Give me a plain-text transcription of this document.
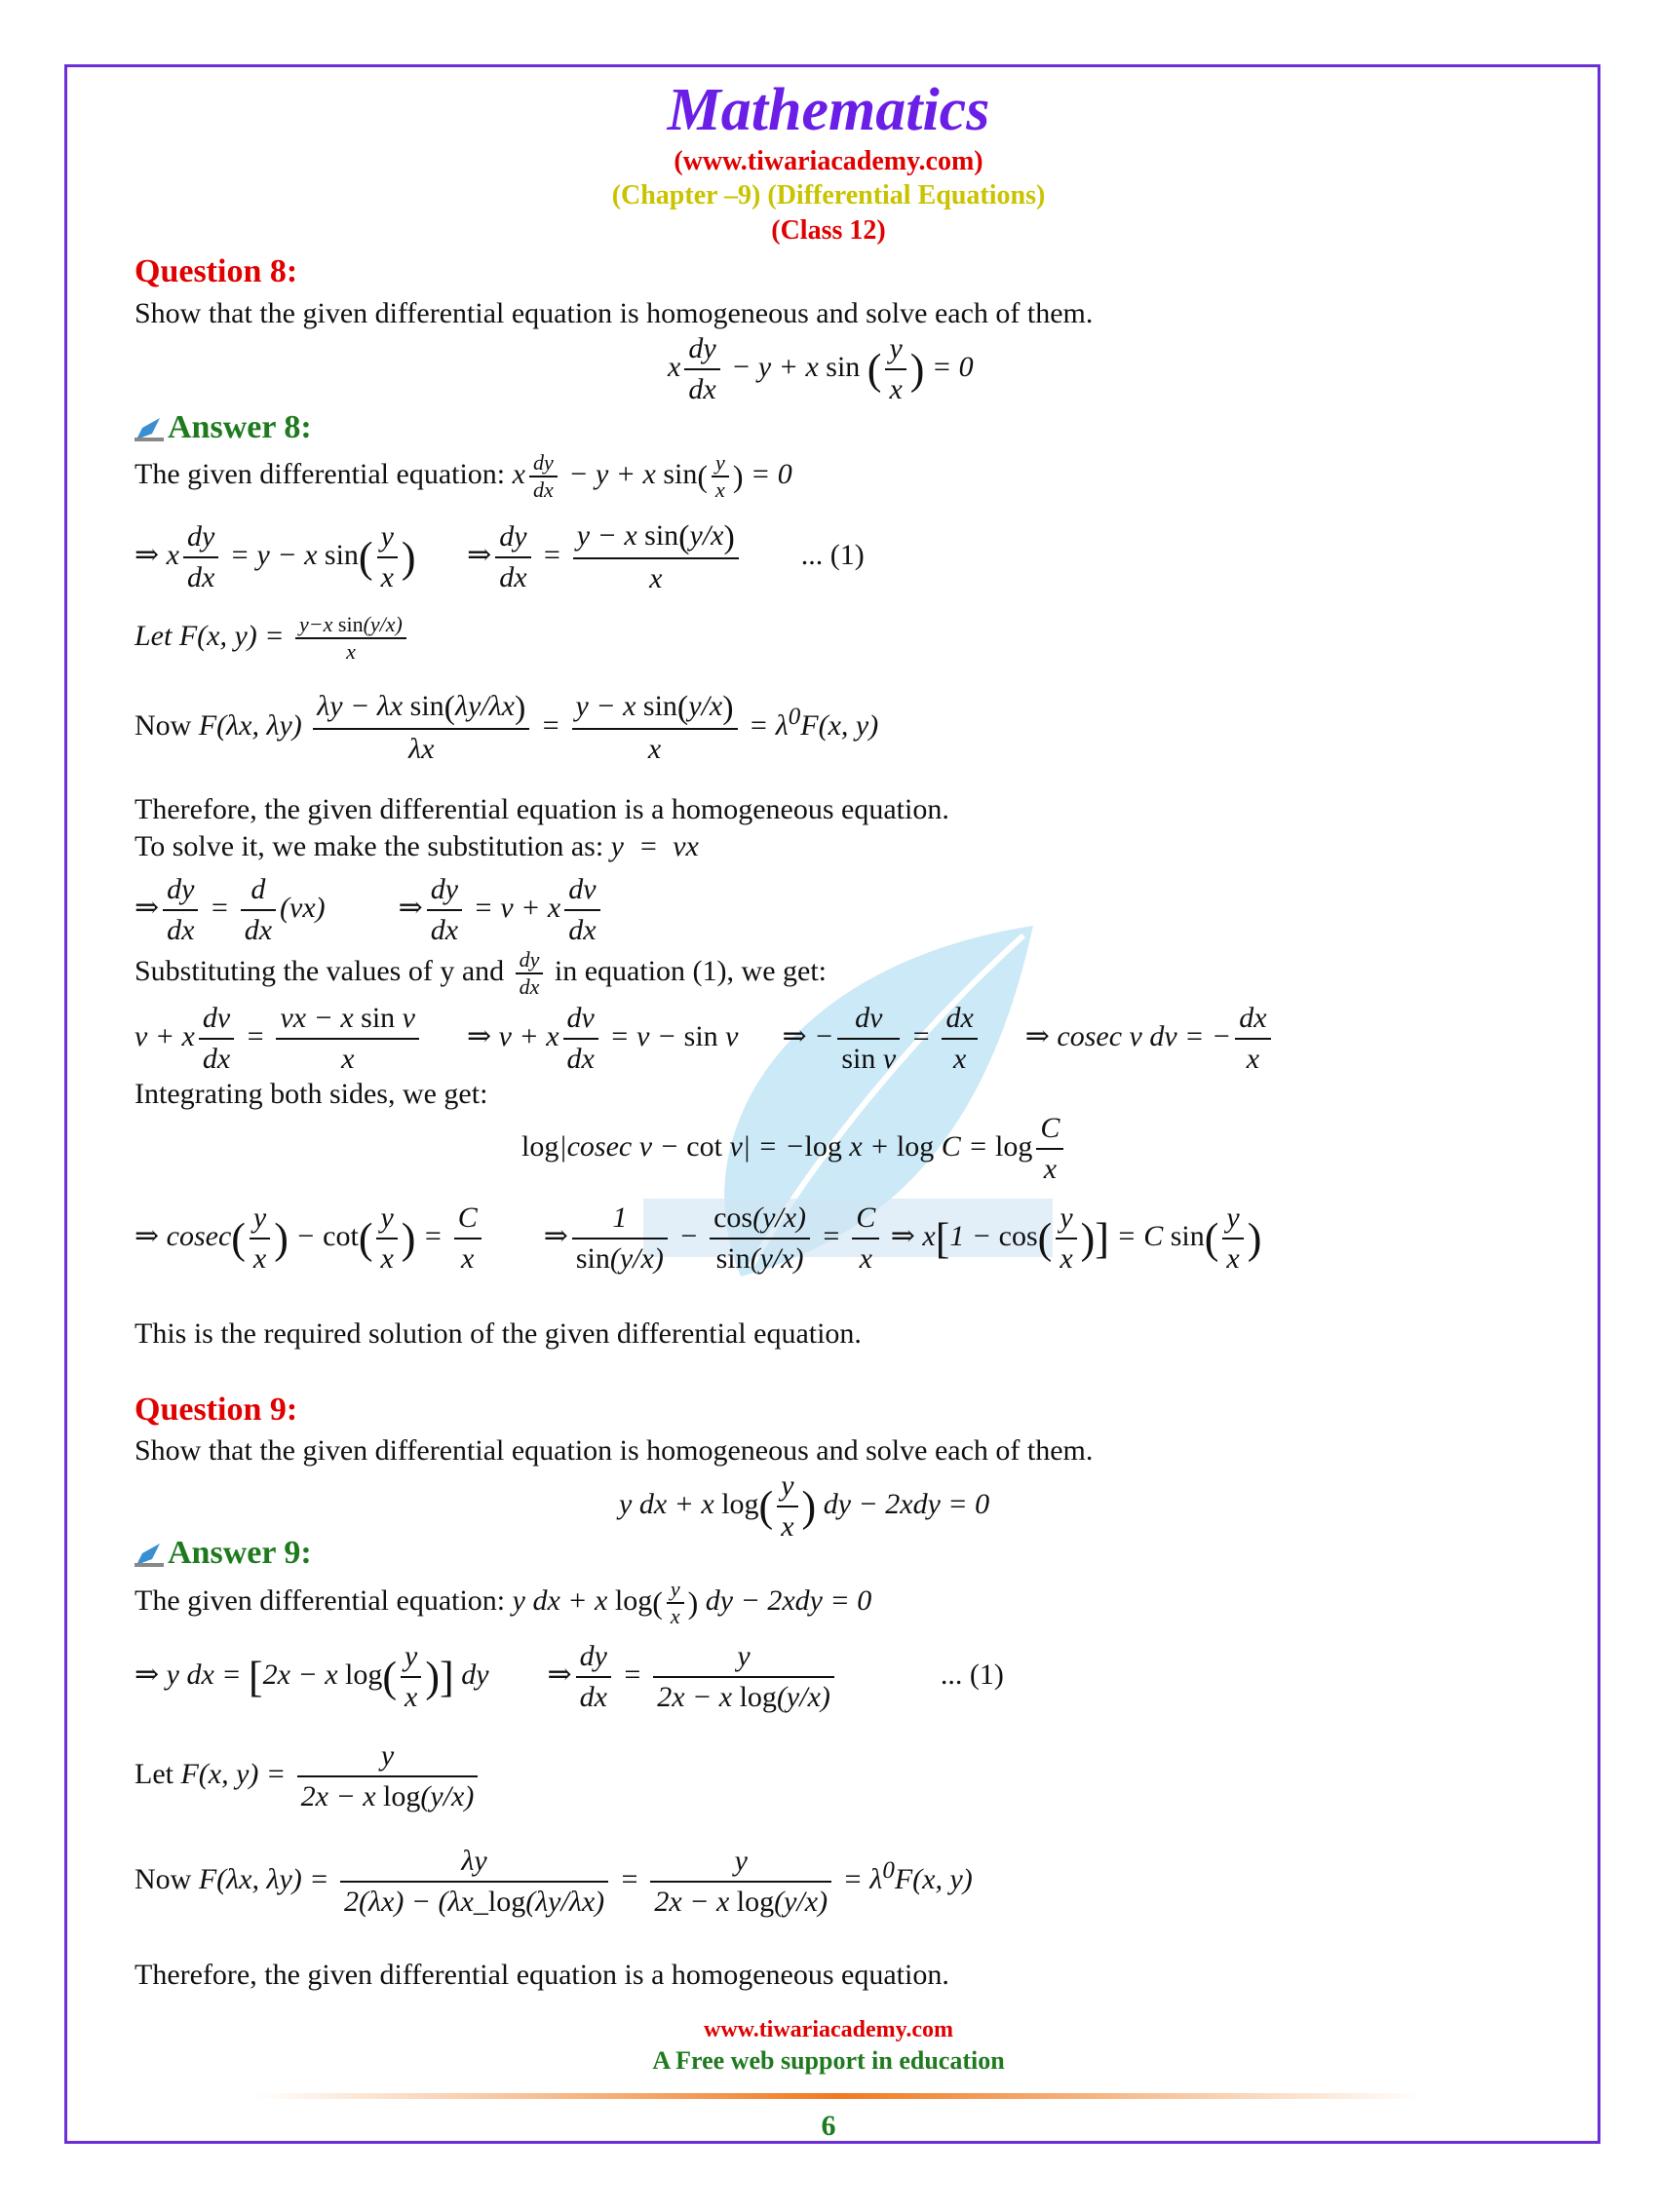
Mathematics
(www.tiwariacademy.com)
(Chapter –9) (Differential Equations)
(Class 12)
Question 8:
Show that the given differential equation is homogeneous and solve each of them.
x $\frac{dy}{dx} - y + x$ sin ( $\frac{y}{x}$ ) = 0
Answer 8:
The given differential equation: x $\frac{dy}{dx} - y + x$ $\sin( \frac{y}{x}$ ) = 0
⇒ x $\frac{dy}{dx} = y - x$ $\sin( \frac{y}{x}$ )       ⇒ $\frac{dy}{dx} = \frac{\text{y − x sin(y/x)}}{x}$ ... (1)
Let F(x, $y) = \frac{\text{y−x sin(y/x)}}{x}$
Now F(λx, $\lambda y) \frac{\text{λy − λx sin(λy/λx)}}{\lambda x} = \frac{\text{y − x sin(y/x)}}{x} = \lambda^0F(x$, y)
Therefore, the given differential equation is a homogeneous equation.
To solve it, we make the substitution as: y  =  vx
⇒ $\frac{dy}{dx} = \frac{d}{dx} (vx)$          ⇒ $\frac{dy}{dx} = v + x \frac{dv}{dx}$
Substituting the values of y and $\frac{dy}{dx}$ in equation (1), we get:
v + x $\frac{dv}{dx} = \frac{\text{vx − x sin v}}{x}$ ⇒ v + x $\frac{dv}{dx} = v - \sin v$      ⇒ − $\frac{dv}{\text{sin v}} = \frac{dx}{x}$ ⇒ cosec v dv = − $\frac{dx}{x}$
Integrating both sides, we get:
log|cosec v − cot v| = −log $x + \log C = \log \frac{C}{x}$
⇒ $cosec( \frac{y}{x}$ ) − $\cot( \frac{y}{x}$ ) = $\frac{C}{x}$ ⇒ $\frac{1}{\sin(y/x)} - \frac{\cos(y/x)}{\sin(y/x)} = \frac{C}{x}$ ⇒ $x[1 - \cos( \frac{y}{x}$ )] = C $\sin( \frac{y}{x}$ )
This is the required solution of the given differential equation.
Question 9:
Show that the given differential equation is homogeneous and solve each of them.
y dx + x $\log( \frac{y}{x}$ ) dy − 2xdy = 0
Answer 9:
The given differential equation: y dx + x $\log( \frac{y}{x}$ ) dy − 2xdy = 0
⇒ y dx = [2x − x $\log( \frac{y}{x}$ )] dy        ⇒ $\frac{dy}{dx} = \frac{y}{\text{2x − x log(y/x)}}$	... (1)
Let F(x, $y) = \frac{y}{\text{2x − x log(y/x)}}$
Now F(λx, $\lambda y) = \frac{\lambda y}{2(\lambda x) - (\lambda x\_\log(\lambda y/\lambda x)} = \frac{y}{\text{2x − x log(y/x)}} = \lambda^0F(x$, y)
Therefore, the given differential equation is a homogeneous equation.
www.tiwariacademy.com
A Free web support in education
6
